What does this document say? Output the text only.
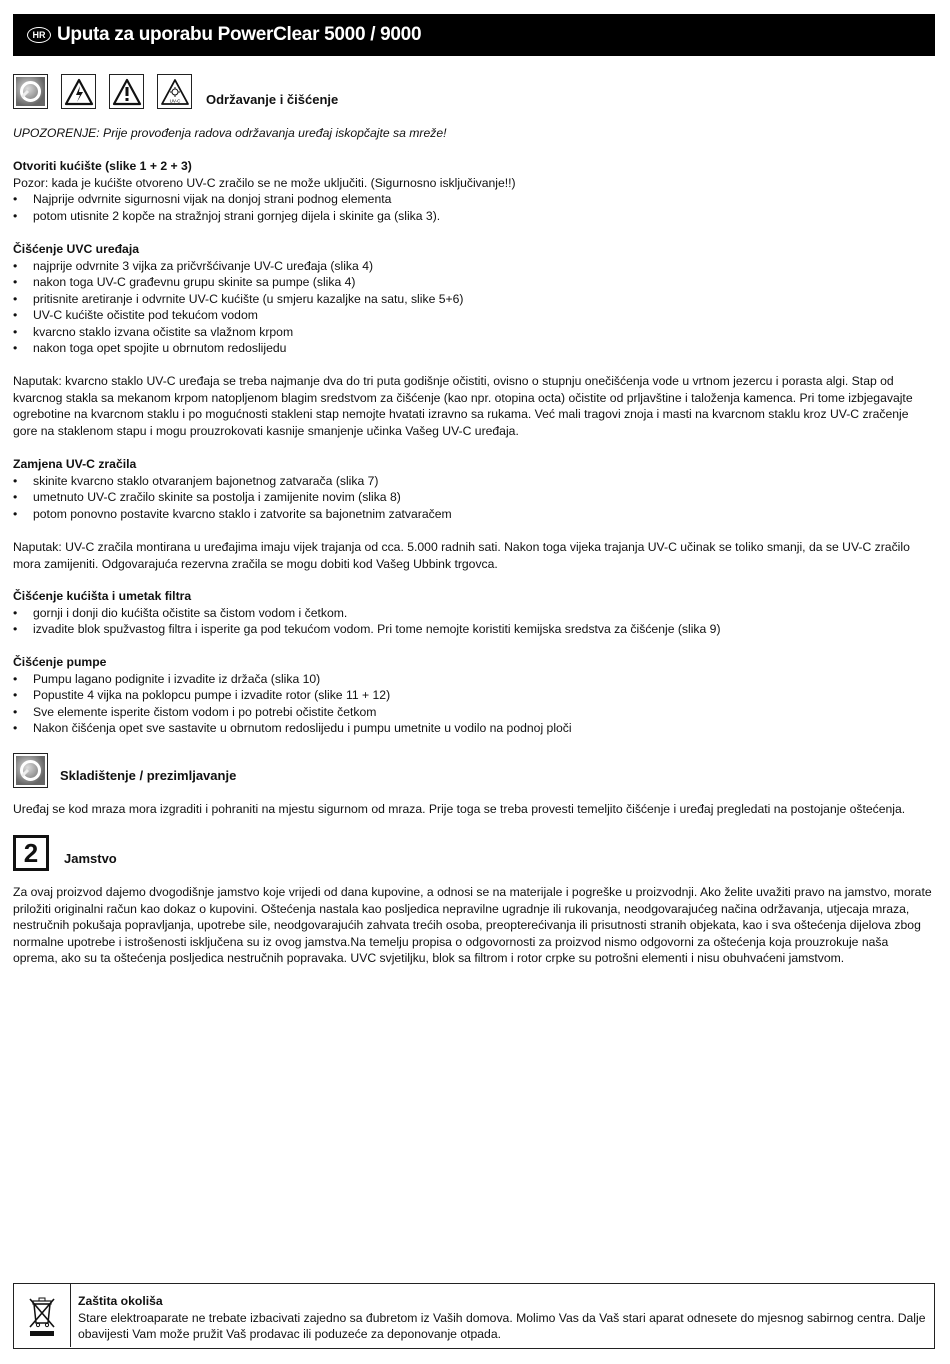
HR Uputa za uporabu PowerClear 5000 / 9000
UV-C Održavanje i čišćenje

UPOZORENJE: Prije provođenja radova održavanja uređaj iskopčajte sa mreže!

Otvoriti kućište (slike 1 + 2 + 3)

Pozor: kada je kućište otvoreno UV-C zračilo se ne može uključiti. (Sigurnosno isključivanje!!)

• Najprije odvrnite sigurnosni vijak na donjoj strani podnog elementa
• potom utisnite 2 kopče na stražnjoj strani gornjeg dijela i skinite ga (slika 3).

Čišćenje UVC uređaja

• najprije odvrnite 3 vijka za pričvršćivanje UV-C uređaja (slika 4)
• nakon toga UV-C građevnu grupu skinite sa pumpe (slika 4)
• pritisnite aretiranje i odvrnite UV-C kućište (u smjeru kazaljke na satu, slike 5+6)
• UV-C kućište očistite pod tekućom vodom
• kvarcno staklo izvana očistite sa vlažnom krpom
• nakon toga opet spojite u obrnutom redoslijedu

Naputak: kvarcno staklo UV-C uređaja se treba najmanje dva do tri puta godišnje očistiti, ovisno o stupnju onečišćenja vode u vrtnom jezercu i porasta algi. Stap od kvarcnog stakla sa mekanom krpom natopljenom blagim sredstvom za čišćenje (kao npr. otopina octa) očistite od prljavštine i taloženja kamenca. Pri tome izbjegavajte ogrebotine na kvarcnom staklu i po mogućnosti stakleni stap nemojte hvatati izravno sa rukama. Već mali tragovi znoja i masti na kvarcnom staklu kroz UV-C zračenje gore na staklenom stapu i mogu prouzrokovati kasnije smanjenje učinka Vašeg UV-C uređaja.

Zamjena UV-C zračila

• skinite kvarcno staklo otvaranjem bajonetnog zatvarača (slika 7)
• umetnuto UV-C zračilo skinite sa postolja i zamijenite novim (slika 8)
• potom ponovno postavite kvarcno staklo i zatvorite sa bajonetnim zatvaračem

Naputak: UV-C zračila montirana u uređajima imaju vijek trajanja od cca. 5.000 radnih sati. Nakon toga vijeka trajanja UV-C učinak se toliko smanji, da se UV-C zračilo mora zamijeniti. Odgovarajuća rezervna zračila se mogu dobiti kod Vašeg Ubbink trgovca.

Čišćenje kućišta i umetak filtra

• gornji i donji dio kućišta očistite sa čistom vodom i četkom.
• izvadite blok spužvastog filtra i isperite ga pod tekućom vodom. Pri tome nemojte koristiti kemijska sredstva za čišćenje (slika 9)

Čišćenje pumpe

• Pumpu lagano podignite i izvadite iz držača (slika 10)
• Popustite 4 vijka na poklopcu pumpe i izvadite rotor (slike 11 + 12)
• Sve elemente isperite čistom vodom i po potrebi očistite četkom
• Nakon čišćenja opet sve sastavite u obrnutom redoslijedu i pumpu umetnite u vodilo na podnoj ploči
Skladištenje / prezimljavanje

Uređaj se kod mraza mora izgraditi i pohraniti na mjestu sigurnom od mraza. Prije toga se treba provesti temeljito čišćenje i uređaj pregledati na postojanje oštećenja.

2	Jamstvo

Za ovaj proizvod dajemo dvogodišnje jamstvo koje vrijedi od dana kupovine, a odnosi se na materijale i pogreške u proizvodnji. Ako želite uvažiti pravo na jamstvo, morate priložiti originalni račun kao dokaz o kupovini. Oštećenja nastala kao posljedica nepravilne ugradnje ili rukovanja, neodgovarajućeg načina održavanja, utjecaja mraza, nestručnih pokušaja popravljanja, upotrebe sile, neodgovarajućih zahvata trećih osoba, preopterećivanja ili prisutnosti stranih objekata, kao i sva oštećenja dijelova zbog normalne upotrebe i istrošenosti isključena su iz ovog jamstva.Na temelju propisa o odgovornosti za proizvod nismo odgovorni za oštećenja koja prouzrokuje naša oprema, ako su ta oštećenja posljedica nestručnih popravaka. UVC svjetiljku, blok sa filtrom i rotor crpke su potrošni elementi i nisu obuhvaćeni jamstvom.

Zaštita okoliša

Stare elektroaparate ne trebate izbacivati zajedno sa đubretom iz Vaših domova. Molimo Vas da Vaš stari aparat odnesete do mjesnog sabirnog centra. Dalje obavijesti Vam može pružit Vaš prodavac ili poduzeće za deponovanje otpada.
